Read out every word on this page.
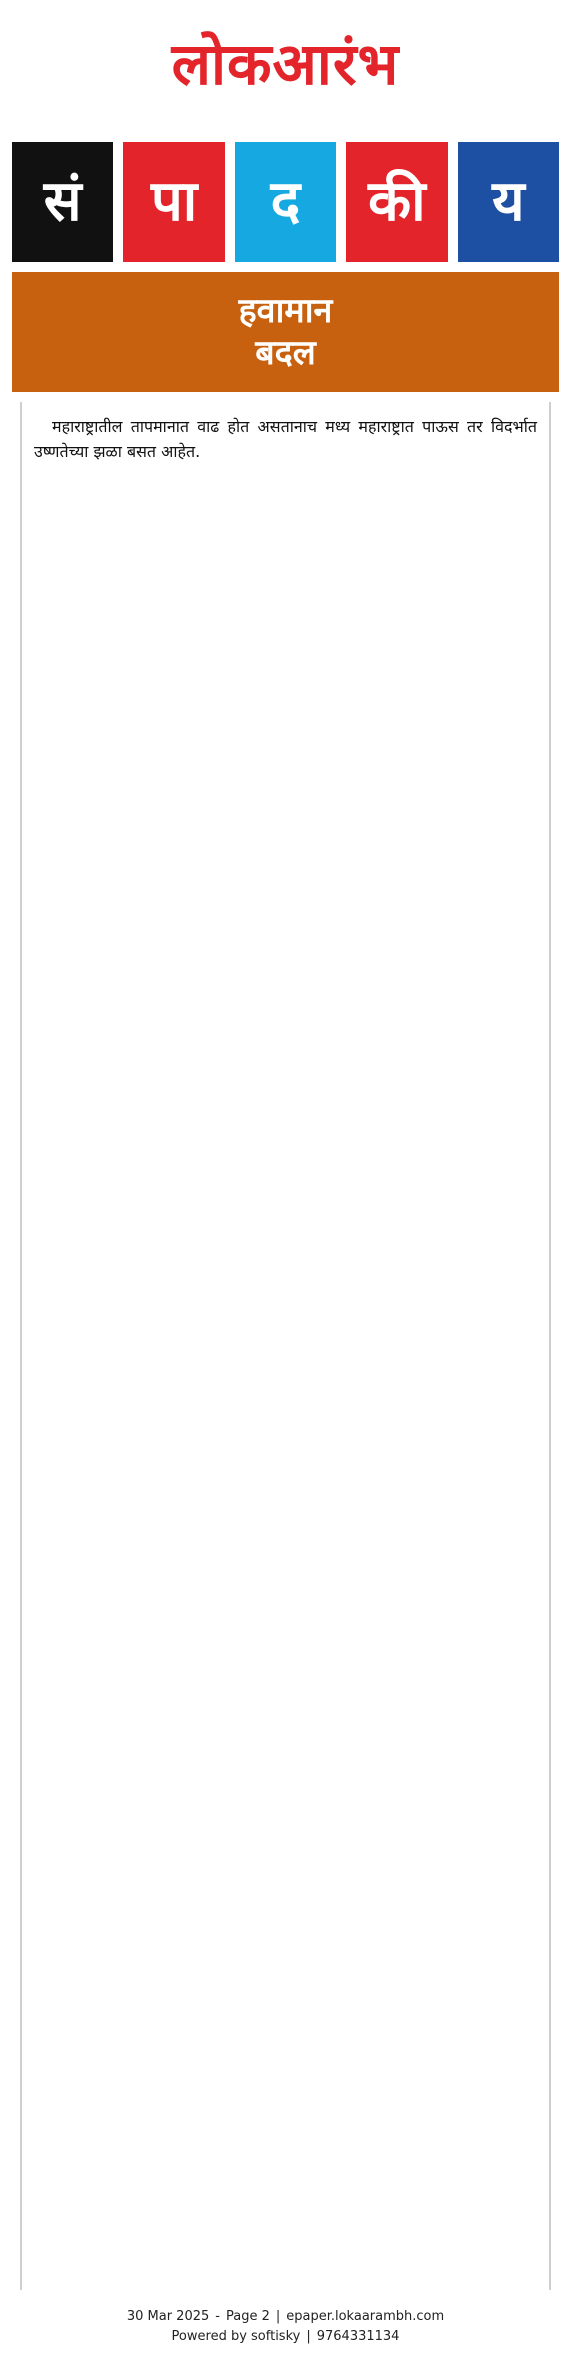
लोकआरंभ
सं	पा	द	की	य
हवामान
बदल

महाराष्ट्रातील तापमानात वाढ होत असतानाच मध्य महाराष्ट्रात पाऊस तर विदर्भात उष्णतेच्या झळा बसत आहेत.

30 Mar 2025 - Page 2 | epaper.lokaarambh.com
Powered by softisky | 9764331134
